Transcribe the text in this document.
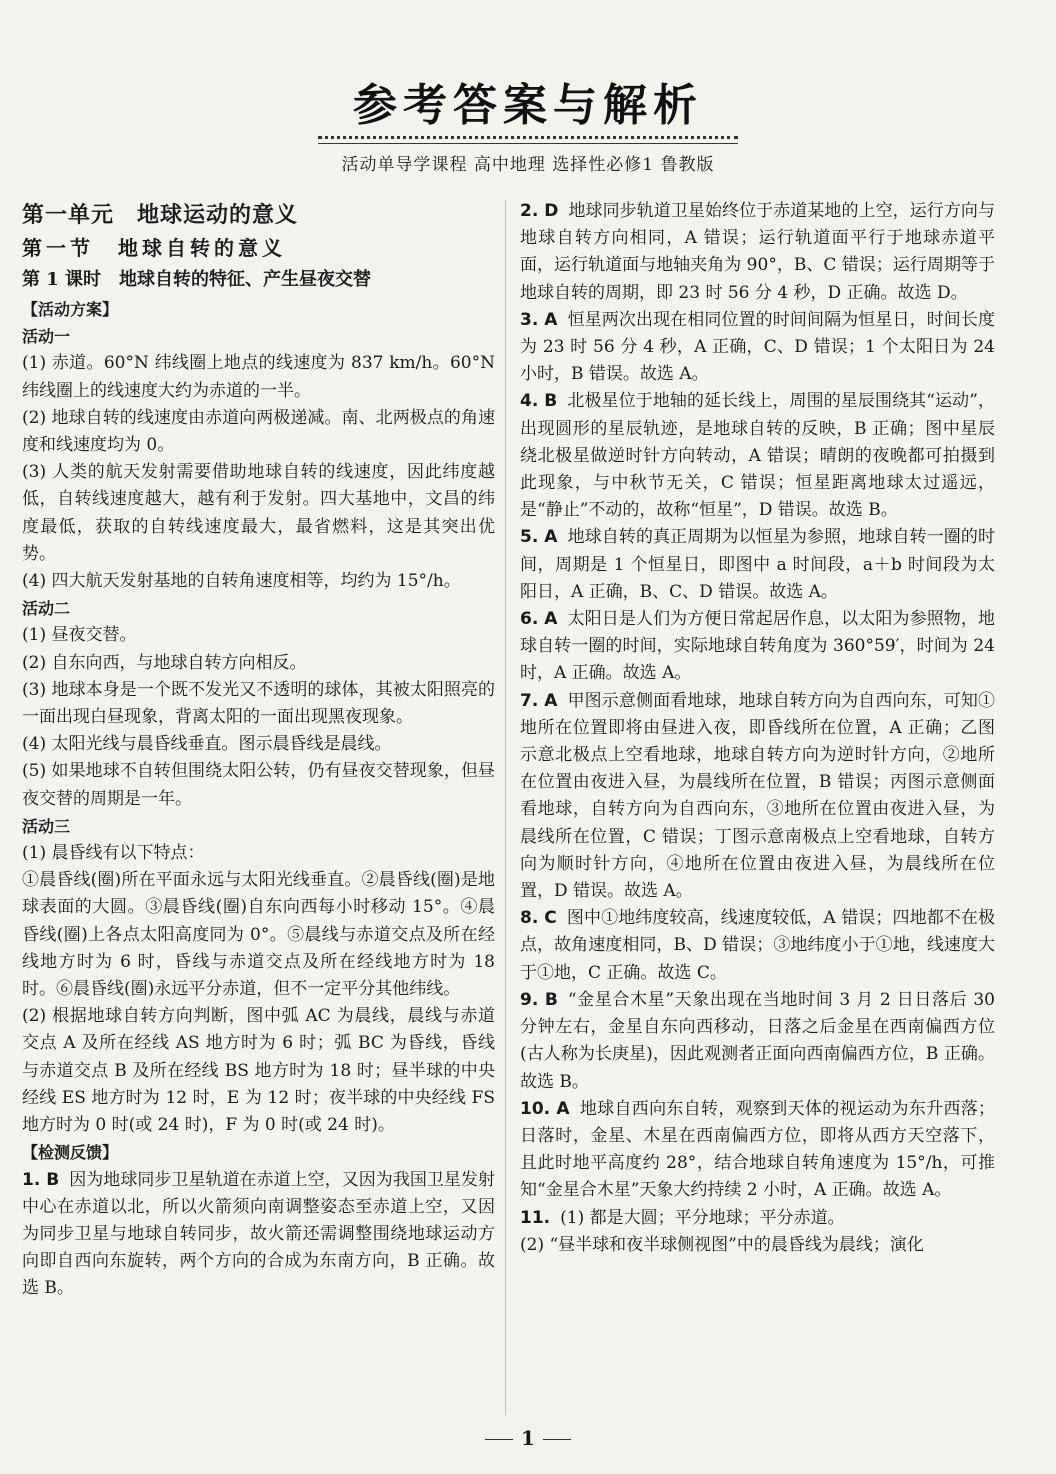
参考答案与解析
活动单导学课程 高中地理 选择性必修1 鲁教版

第一单元　地球运动的意义

第一节　地球自转的意义

第 1 课时　地球自转的特征、产生昼夜交替

【活动方案】

活动一

(1) 赤道。60°N 纬线圈上地点的线速度为 837 km/h。60°N 纬线圈上的线速度大约为赤道的一半。

(2) 地球自转的线速度由赤道向两极递减。南、北两极点的角速度和线速度均为 0。

(3) 人类的航天发射需要借助地球自转的线速度，因此纬度越低，自转线速度越大，越有利于发射。四大基地中，文昌的纬度最低，获取的自转线速度最大，最省燃料，这是其突出优势。

(4) 四大航天发射基地的自转角速度相等，均约为 15°/h。

活动二

(1) 昼夜交替。

(2) 自东向西，与地球自转方向相反。

(3) 地球本身是一个既不发光又不透明的球体，其被太阳照亮的一面出现白昼现象，背离太阳的一面出现黑夜现象。

(4) 太阳光线与晨昏线垂直。图示晨昏线是晨线。

(5) 如果地球不自转但围绕太阳公转，仍有昼夜交替现象，但昼夜交替的周期是一年。

活动三

(1) 晨昏线有以下特点：

①晨昏线(圈)所在平面永远与太阳光线垂直。②晨昏线(圈)是地球表面的大圆。③晨昏线(圈)自东向西每小时移动 15°。④晨昏线(圈)上各点太阳高度同为 0°。⑤晨线与赤道交点及所在经线地方时为 6 时，昏线与赤道交点及所在经线地方时为 18 时。⑥晨昏线(圈)永远平分赤道，但不一定平分其他纬线。

(2) 根据地球自转方向判断，图中弧 AC 为晨线，晨线与赤道交点 A 及所在经线 AS 地方时为 6 时；弧 BC 为昏线，昏线与赤道交点 B 及所在经线 BS 地方时为 18 时；昼半球的中央经线 ES 地方时为 12 时，E 为 12 时；夜半球的中央经线 FS 地方时为 0 时(或 24 时)，F 为 0 时(或 24 时)。

【检测反馈】

1. B 因为地球同步卫星轨道在赤道上空，又因为我国卫星发射中心在赤道以北，所以火箭须向南调整姿态至赤道上空，又因为同步卫星与地球自转同步，故火箭还需调整围绕地球运动方向即自西向东旋转，两个方向的合成为东南方向，B 正确。故选 B。

2. D 地球同步轨道卫星始终位于赤道某地的上空，运行方向与地球自转方向相同，A 错误；运行轨道面平行于地球赤道平面，运行轨道面与地轴夹角为 90°，B、C 错误；运行周期等于地球自转的周期，即 23 时 56 分 4 秒，D 正确。故选 D。

3. A 恒星两次出现在相同位置的时间间隔为恒星日，时间长度为 23 时 56 分 4 秒，A 正确，C、D 错误；1 个太阳日为 24 小时，B 错误。故选 A。

4. B 北极星位于地轴的延长线上，周围的星辰围绕其“运动”，出现圆形的星辰轨迹，是地球自转的反映，B 正确；图中星辰绕北极星做逆时针方向转动，A 错误；晴朗的夜晚都可拍摄到此现象，与中秋节无关，C 错误；恒星距离地球太过遥远，是“静止”不动的，故称“恒星”，D 错误。故选 B。

5. A 地球自转的真正周期为以恒星为参照，地球自转一圈的时间，周期是 1 个恒星日，即图中 a 时间段，a＋b 时间段为太阳日，A 正确，B、C、D 错误。故选 A。

6. A 太阳日是人们为方便日常起居作息，以太阳为参照物，地球自转一圈的时间，实际地球自转角度为 360°59′，时间为 24 时，A 正确。故选 A。

7. A 甲图示意侧面看地球，地球自转方向为自西向东，可知①地所在位置即将由昼进入夜，即昏线所在位置，A 正确；乙图示意北极点上空看地球，地球自转方向为逆时针方向，②地所在位置由夜进入昼，为晨线所在位置，B 错误；丙图示意侧面看地球，自转方向为自西向东，③地所在位置由夜进入昼，为晨线所在位置，C 错误；丁图示意南极点上空看地球，自转方向为顺时针方向，④地所在位置由夜进入昼，为晨线所在位置，D 错误。故选 A。

8. C 图中①地纬度较高，线速度较低，A 错误；四地都不在极点，故角速度相同，B、D 错误；③地纬度小于①地，线速度大于①地，C 正确。故选 C。

9. B “金星合木星”天象出现在当地时间 3 月 2 日日落后 30 分钟左右，金星自东向西移动，日落之后金星在西南偏西方位(古人称为长庚星)，因此观测者正面向西南偏西方位，B 正确。故选 B。

10. A 地球自西向东自转，观察到天体的视运动为东升西落；日落时，金星、木星在西南偏西方位，即将从西方天空落下，且此时地平高度约 28°，结合地球自转角速度为 15°/h，可推知“金星合木星”天象大约持续 2 小时，A 正确。故选 A。

11. (1) 都是大圆；平分地球；平分赤道。

(2) “昼半球和夜半球侧视图”中的晨昏线为晨线；演化

1
